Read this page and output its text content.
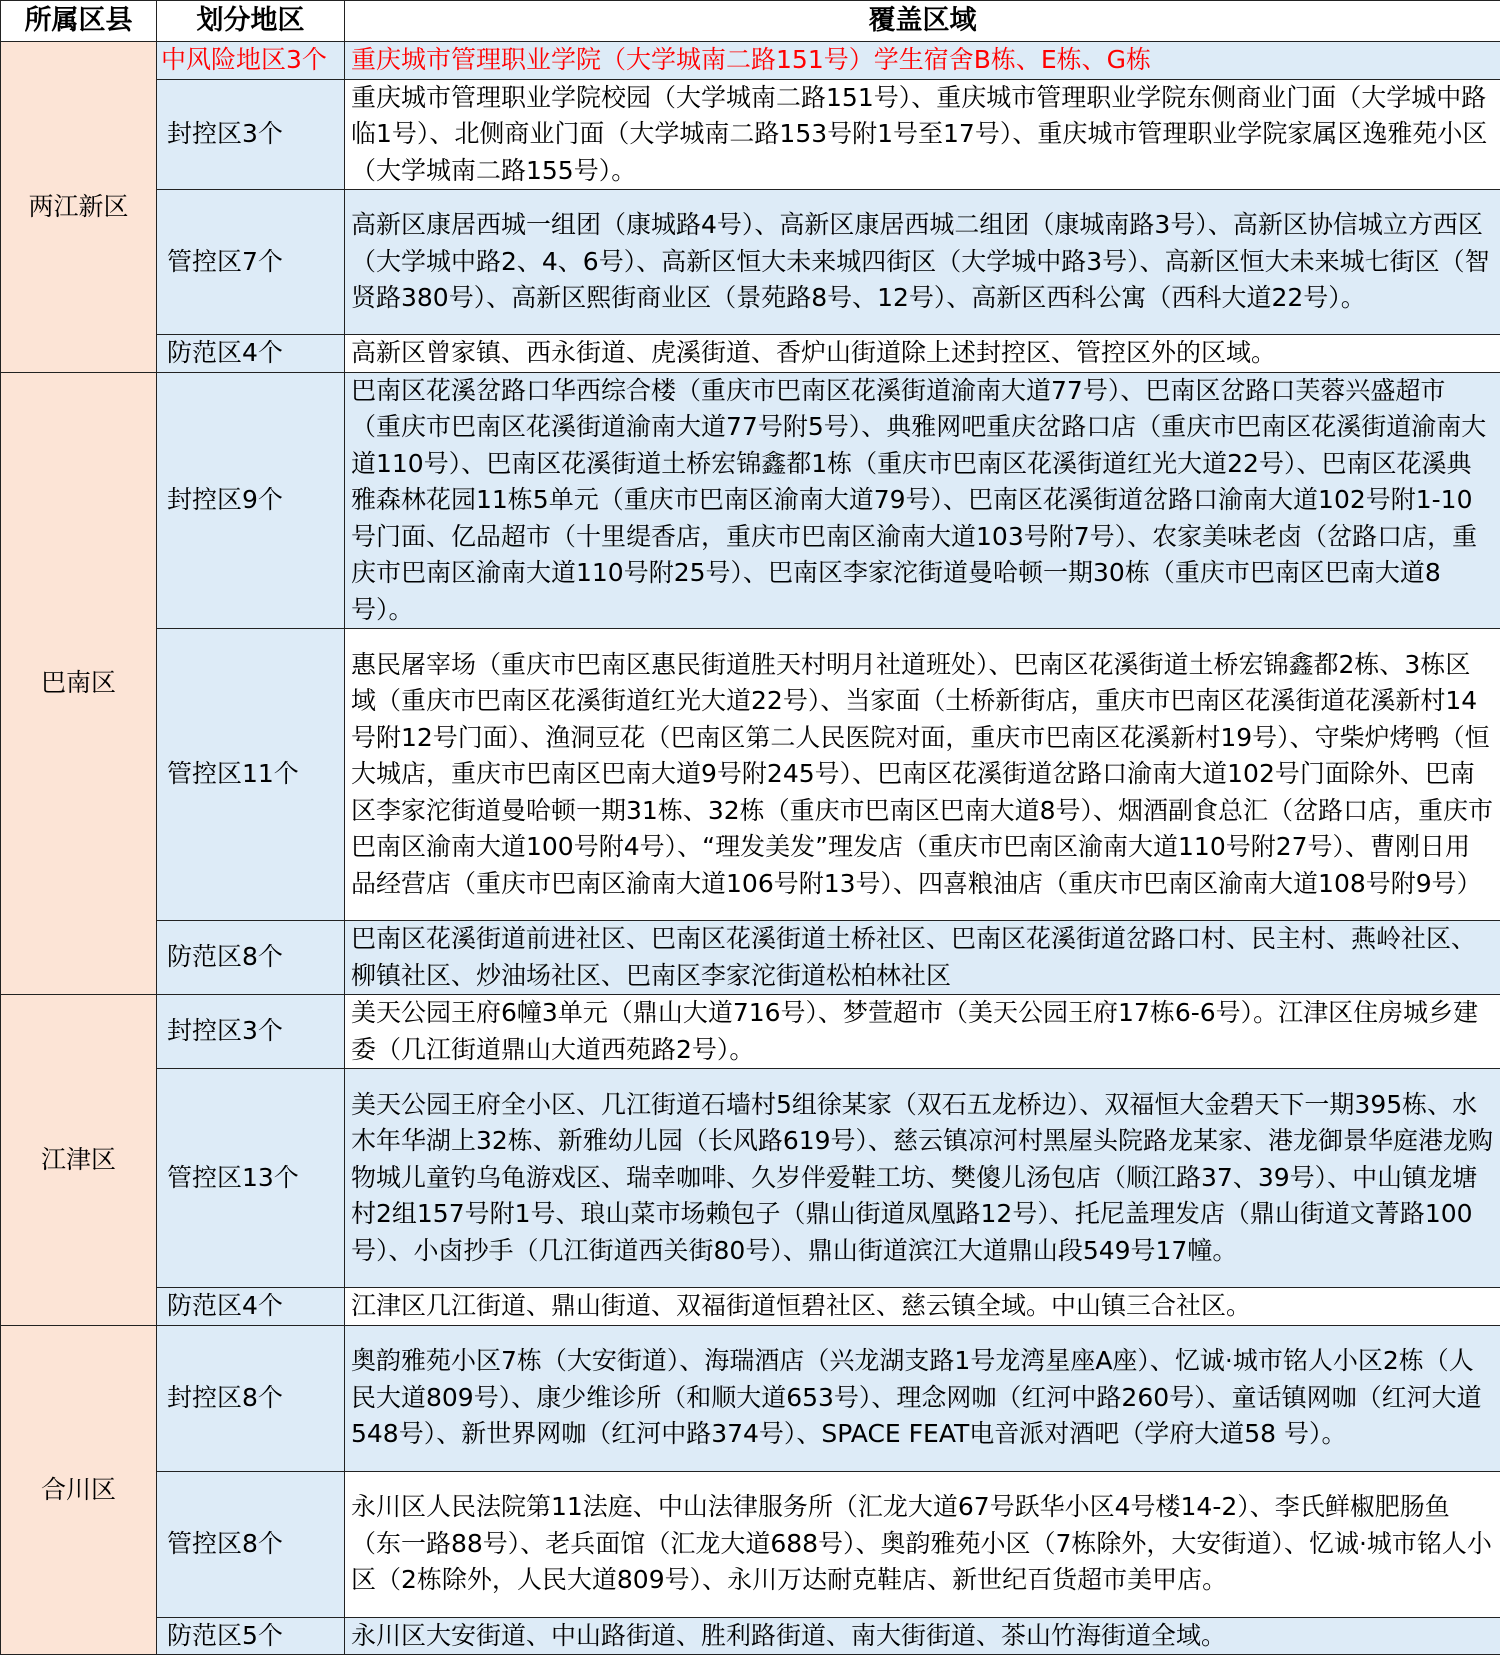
所属区县	划分地区	覆盖区域
两江新区	中风险地区3个	重庆城市管理职业学院（大学城南二路151号）学生宿舍B栋、E栋、G栋
	封控区3个	重庆城市管理职业学院校园（大学城南二路151号）、重庆城市管理职业学院东侧商业门面（大学城中路临1号）、北侧商业门面（大学城南二路153号附1号至17号）、重庆城市管理职业学院家属区逸雅苑小区（大学城南二路155号）。
	管控区7个	高新区康居西城一组团（康城路4号）、高新区康居西城二组团（康城南路3号）、高新区协信城立方西区（大学城中路2、4、6号）、高新区恒大未来城四街区（大学城中路3号）、高新区恒大未来城七街区（智贤路380号）、高新区熙街商业区（景苑路8号、12号）、高新区西科公寓（西科大道22号）。
	防范区4个	高新区曾家镇、西永街道、虎溪街道、香炉山街道除上述封控区、管控区外的区域。
巴南区	封控区9个	巴南区花溪岔路口华西综合楼（重庆市巴南区花溪街道渝南大道77号）、巴南区岔路口芙蓉兴盛超市（重庆市巴南区花溪街道渝南大道77号附5号）、典雅网吧重庆岔路口店（重庆市巴南区花溪街道渝南大道110号）、巴南区花溪街道土桥宏锦鑫都1栋（重庆市巴南区花溪街道红光大道22号）、巴南区花溪典雅森林花园11栋5单元（重庆市巴南区渝南大道79号）、巴南区花溪街道岔路口渝南大道102号附1-10号门面、亿品超市（十里缇香店，重庆市巴南区渝南大道103号附7号）、农家美味老卤（岔路口店，重庆市巴南区渝南大道110号附25号）、巴南区李家沱街道曼哈顿一期30栋（重庆市巴南区巴南大道8号）。
	管控区11个	惠民屠宰场（重庆市巴南区惠民街道胜天村明月社道班处）、巴南区花溪街道土桥宏锦鑫都2栋、3栋区域（重庆市巴南区花溪街道红光大道22号）、当家面（土桥新街店，重庆市巴南区花溪街道花溪新村14号附12号门面）、渔洞豆花（巴南区第二人民医院对面，重庆市巴南区花溪新村19号）、守柴炉烤鸭（恒大城店，重庆市巴南区巴南大道9号附245号）、巴南区花溪街道岔路口渝南大道102号门面除外、巴南区李家沱街道曼哈顿一期31栋、32栋（重庆市巴南区巴南大道8号）、烟酒副食总汇（岔路口店，重庆市巴南区渝南大道100号附4号）、“理发美发”理发店（重庆市巴南区渝南大道110号附27号）、曹刚日用品经营店（重庆市巴南区渝南大道106号附13号）、四喜粮油店（重庆市巴南区渝南大道108号附9号）
	防范区8个	巴南区花溪街道前进社区、巴南区花溪街道土桥社区、巴南区花溪街道岔路口村、民主村、燕岭社区、柳镇社区、炒油场社区、巴南区李家沱街道松柏林社区
江津区	封控区3个	美天公园王府6幢3单元（鼎山大道716号）、梦萱超市（美天公园王府17栋6-6号）。江津区住房城乡建委（几江街道鼎山大道西苑路2号）。
	管控区13个	美天公园王府全小区、几江街道石墙村5组徐某家（双石五龙桥边）、双福恒大金碧天下一期395栋、水木年华湖上32栋、新雅幼儿园（长风路619号）、慈云镇凉河村黑屋头院路龙某家、港龙御景华庭港龙购物城儿童钓乌龟游戏区、瑞幸咖啡、久岁伴爱鞋工坊、樊傻儿汤包店（顺江路37、39号）、中山镇龙塘村2组157号附1号、琅山菜市场赖包子（鼎山街道凤凰路12号）、托尼盖理发店（鼎山街道文菁路100号）、小卤抄手（几江街道西关街80号）、鼎山街道滨江大道鼎山段549号17幢。
	防范区4个	江津区几江街道、鼎山街道、双福街道恒碧社区、慈云镇全域。中山镇三合社区。
合川区	封控区8个	奥韵雅苑小区7栋（大安街道）、海瑞酒店（兴龙湖支路1号龙湾星座A座）、忆诚·城市铭人小区2栋（人民大道809号）、康少维诊所（和顺大道653号）、理念网咖（红河中路260号）、童话镇网咖（红河大道548号）、新世界网咖（红河中路374号）、SPACE FEAT电音派对酒吧（学府大道58 号）。
	管控区8个	永川区人民法院第11法庭、中山法律服务所（汇龙大道67号跃华小区4号楼14-2）、李氏鲜椒肥肠鱼（东一路88号）、老兵面馆（汇龙大道688号）、奥韵雅苑小区（7栋除外，大安街道）、忆诚·城市铭人小区（2栋除外，人民大道809号）、永川万达耐克鞋店、新世纪百货超市美甲店。
	防范区5个	永川区大安街道、中山路街道、胜利路街道、南大街街道、茶山竹海街道全域。
